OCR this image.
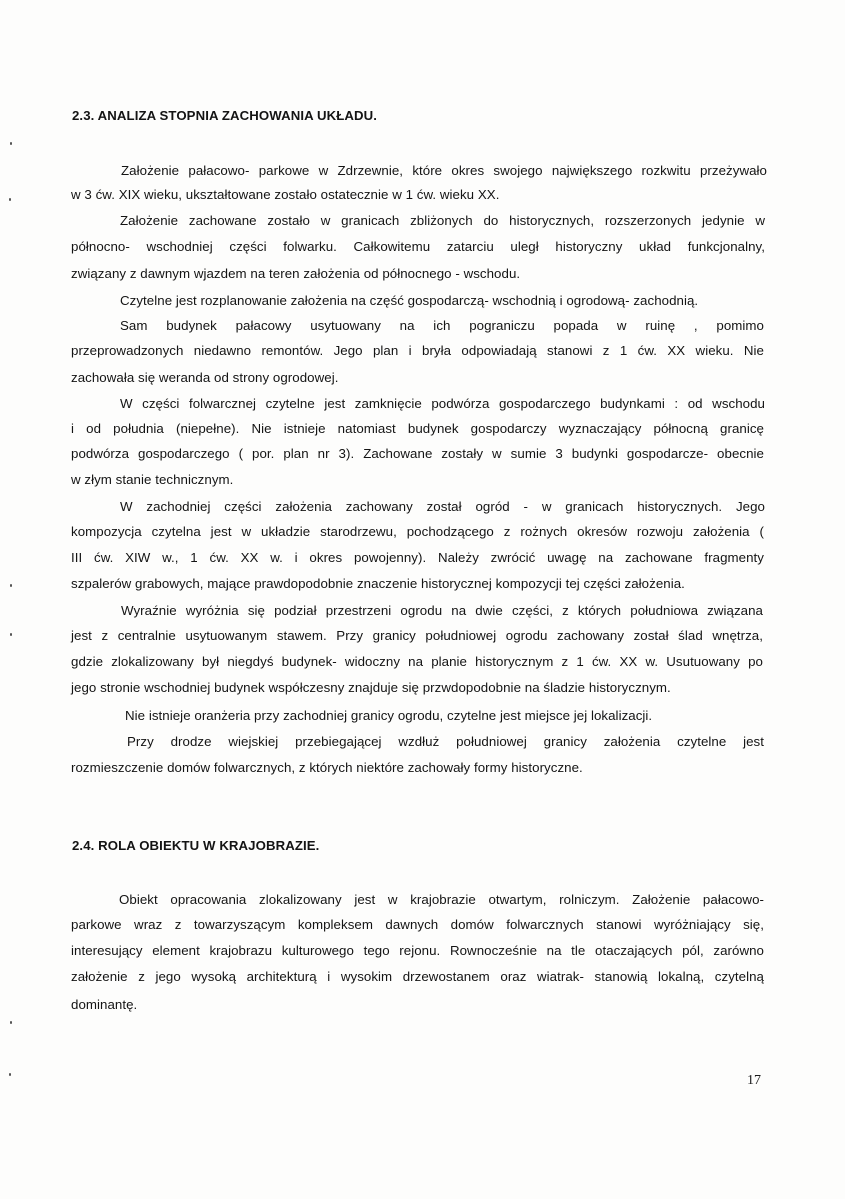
2.3. ANALIZA STOPNIA ZACHOWANIA UKŁADU.
Założenie pałacowo- parkowe w Zdrzewnie, które okres swojego największego rozkwitu przeżywało
w 3 ćw. XIX wieku, ukształtowane zostało ostatecznie w 1 ćw. wieku XX.
Założenie zachowane zostało w granicach zbliżonych do historycznych, rozszerzonych jedynie w
północno- wschodniej części folwarku. Całkowitemu zatarciu uległ historyczny układ funkcjonalny,
związany z dawnym wjazdem na teren założenia od północnego - wschodu.
Czytelne jest rozplanowanie założenia na część gospodarczą- wschodnią i ogrodową- zachodnią.
Sam budynek pałacowy usytuowany na ich pograniczu popada w ruinę , pomimo
przeprowadzonych niedawno remontów. Jego plan i bryła odpowiadają stanowi z 1 ćw. XX wieku. Nie
zachowała się weranda od strony ogrodowej.
W części folwarcznej czytelne jest zamknięcie podwórza gospodarczego budynkami : od wschodu
i od południa (niepełne). Nie istnieje natomiast budynek gospodarczy wyznaczający północną granicę
podwórza gospodarczego ( por. plan nr 3). Zachowane zostały w sumie 3 budynki gospodarcze- obecnie
w złym stanie technicznym.
W zachodniej części założenia zachowany został ogród - w granicach historycznych. Jego
kompozycja czytelna jest w układzie starodrzewu, pochodzącego z rożnych okresów rozwoju założenia (
III ćw. XIW w., 1 ćw. XX w. i okres powojenny). Należy zwrócić uwagę na zachowane fragmenty
szpalerów grabowych, mające prawdopodobnie znaczenie historycznej kompozycji tej części założenia.
Wyraźnie wyróżnia się podział przestrzeni ogrodu na dwie części, z których południowa związana
jest z centralnie usytuowanym stawem. Przy granicy południowej ogrodu zachowany został ślad wnętrza,
gdzie zlokalizowany był niegdyś budynek- widoczny na planie historycznym z 1 ćw. XX w. Usutuowany po
jego stronie wschodniej budynek współczesny znajduje się przwdopodobnie na śladzie historycznym.
Nie istnieje oranżeria przy zachodniej granicy ogrodu, czytelne jest miejsce jej lokalizacji.
Przy drodze wiejskiej przebiegającej wzdłuż południowej granicy założenia czytelne jest
rozmieszczenie domów folwarcznych, z których niektóre zachowały formy historyczne.
2.4. ROLA OBIEKTU W KRAJOBRAZIE.
Obiekt opracowania zlokalizowany jest w krajobrazie otwartym, rolniczym. Założenie pałacowo-
parkowe wraz z towarzyszącym kompleksem dawnych domów folwarcznych stanowi wyróżniający się,
interesujący element krajobrazu kulturowego tego rejonu. Rownocześnie na tle otaczających pól, zarówno
założenie z jego wysoką architekturą i wysokim drzewostanem oraz wiatrak- stanowią lokalną, czytelną
dominantę.
17
